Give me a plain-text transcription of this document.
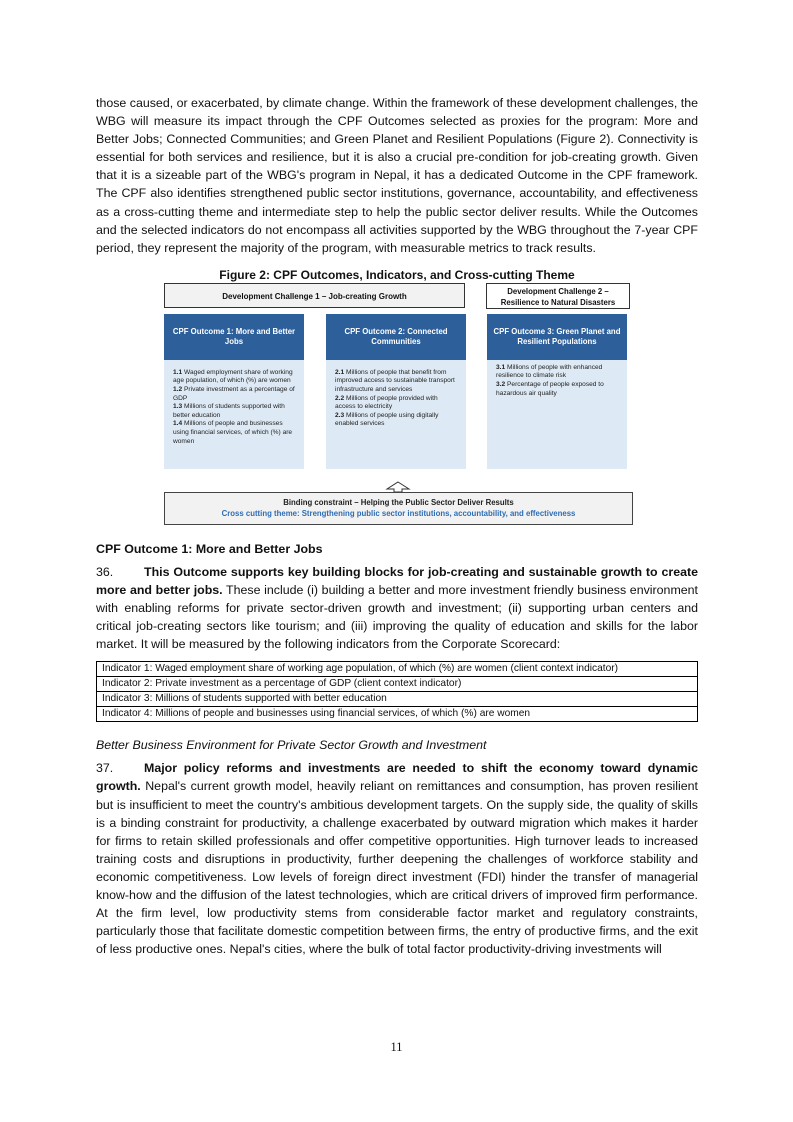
those caused, or exacerbated, by climate change. Within the framework of these development challenges, the WBG will measure its impact through the CPF Outcomes selected as proxies for the program: More and Better Jobs; Connected Communities; and Green Planet and Resilient Populations (Figure 2). Connectivity is essential for both services and resilience, but it is also a crucial pre-condition for job-creating growth. Given that it is a sizeable part of the WBG's program in Nepal, it has a dedicated Outcome in the CPF framework. The CPF also identifies strengthened public sector institutions, governance, accountability, and effectiveness as a cross-cutting theme and intermediate step to help the public sector deliver results. While the Outcomes and the selected indicators do not encompass all activities supported by the WBG throughout the 7-year CPF period, they represent the majority of the program, with measurable metrics to track results.

Figure 2: CPF Outcomes, Indicators, and Cross-cutting Theme
Development Challenge 1 – Job-creating Growth
Development Challenge 2 –
Resilience to Natural Disasters
CPF Outcome 1: More and Better Jobs
1.1 Waged employment share of working age population, of which (%) are women
1.2 Private investment as a percentage of GDP
1.3 Millions of students supported with better education
1.4 Millions of people and businesses using financial services, of which (%) are women
CPF Outcome 2: Connected Communities
2.1 Millions of people that benefit from improved access to sustainable transport infrastructure and services
2.2 Millions of people provided with access to electricity
2.3 Millions of people using digitally enabled services
CPF Outcome 3: Green Planet and Resilient Populations
3.1 Millions of people with enhanced resilience to climate risk
3.2 Percentage of people exposed to hazardous air quality
Binding constraint – Helping the Public Sector Deliver Results
Cross cutting theme: Strengthening public sector institutions, accountability, and effectiveness
CPF Outcome 1: More and Better Jobs

36. This Outcome supports key building blocks for job-creating and sustainable growth to create more and better jobs. These include (i) building a better and more investment friendly business environment with enabling reforms for private sector-driven growth and investment; (ii) supporting urban centers and critical job-creating sectors like tourism; and (iii) improving the quality of education and skills for the labor market. It will be measured by the following indicators from the Corporate Scorecard:

Indicator 1: Waged employment share of working age population, of which (%) are women (client context indicator)
Indicator 2: Private investment as a percentage of GDP (client context indicator)
Indicator 3: Millions of students supported with better education
Indicator 4: Millions of people and businesses using financial services, of which (%) are women
Better Business Environment for Private Sector Growth and Investment

37. Major policy reforms and investments are needed to shift the economy toward dynamic growth. Nepal's current growth model, heavily reliant on remittances and consumption, has proven resilient but is insufficient to meet the country's ambitious development targets. On the supply side, the quality of skills is a binding constraint for productivity, a challenge exacerbated by outward migration which makes it harder for firms to retain skilled professionals and offer competitive opportunities. High turnover leads to increased training costs and disruptions in productivity, further deepening the challenges of workforce stability and economic competitiveness. Low levels of foreign direct investment (FDI) hinder the transfer of managerial know-how and the diffusion of the latest technologies, which are critical drivers of improved firm performance. At the firm level, low productivity stems from considerable factor market and regulatory constraints, particularly those that facilitate domestic competition between firms, the entry of productive firms, and the exit of less productive ones. Nepal's cities, where the bulk of total factor productivity-driving investments will

11
